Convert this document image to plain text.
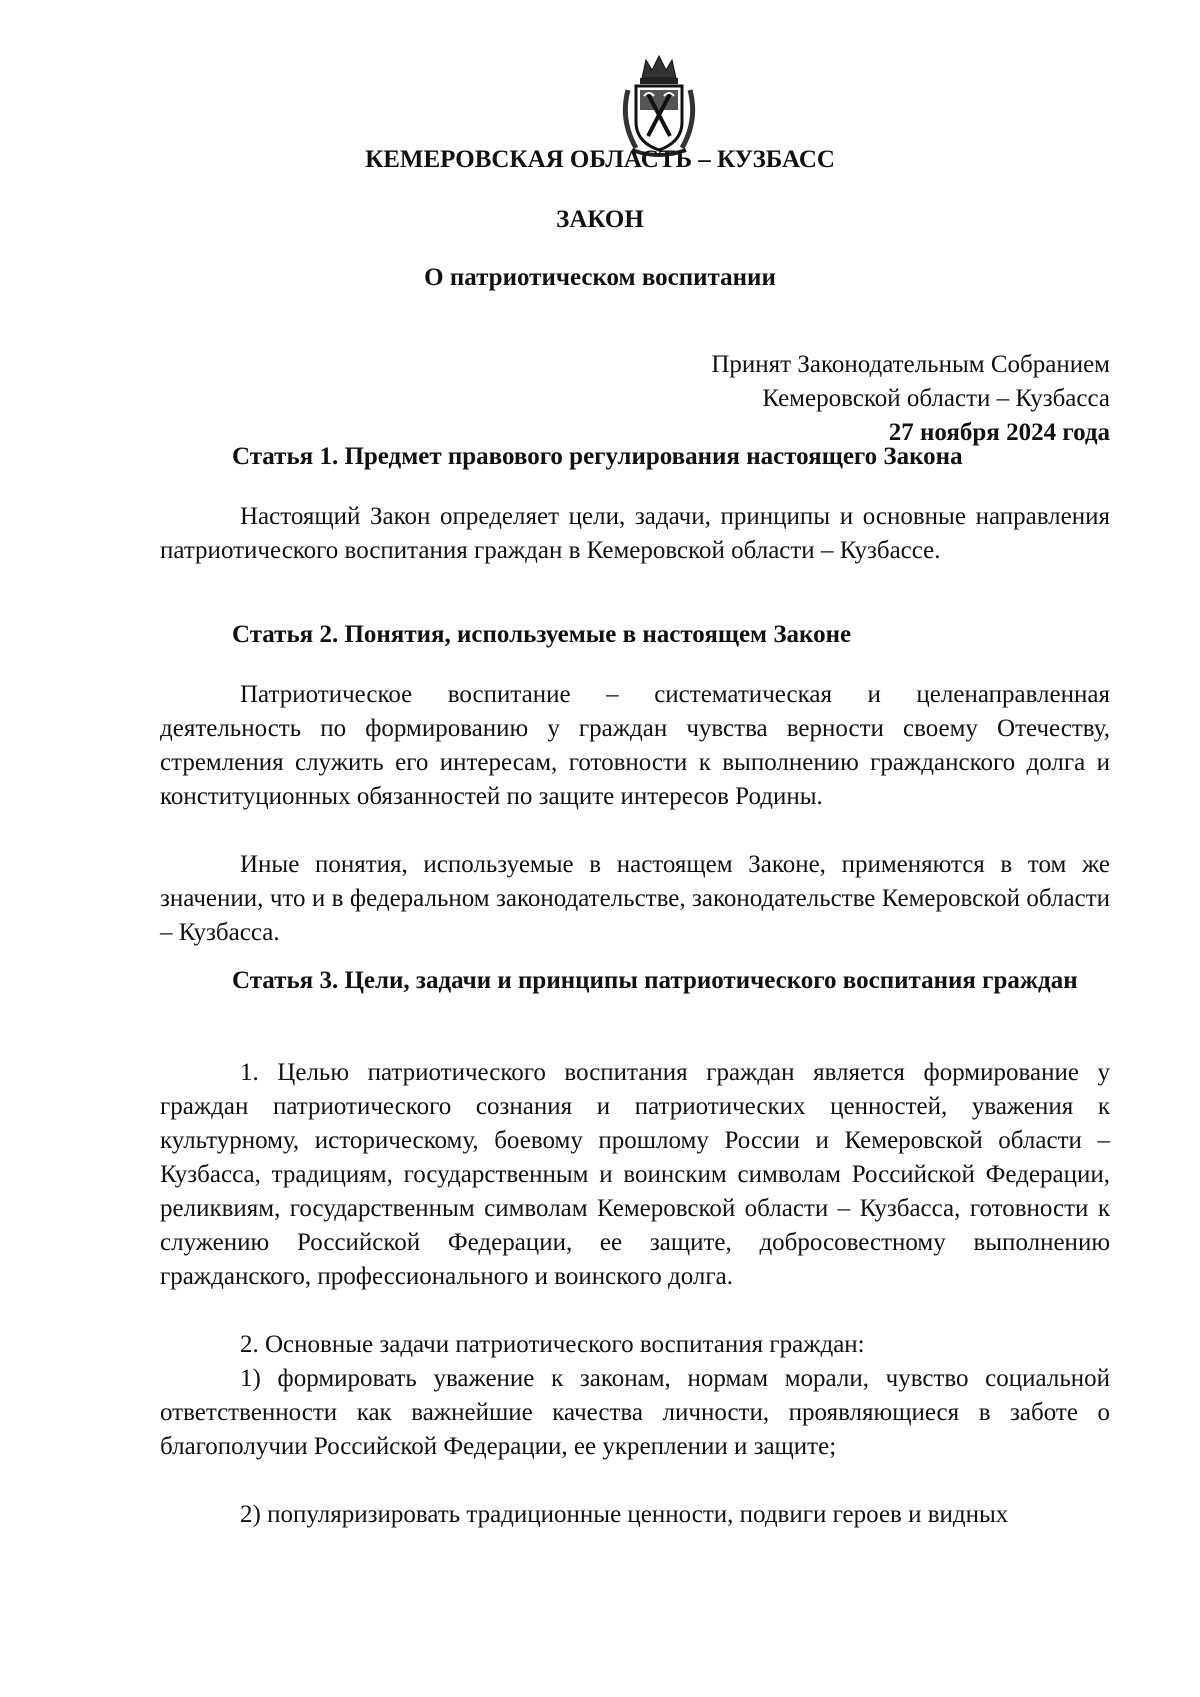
КЕМЕРОВСКАЯ ОБЛАСТЬ – КУЗБАСС
ЗАКОН
О патриотическом воспитании
Принят Законодательным Собранием
Кемеровской области – Кузбасса
27 ноября 2024 года
Статья 1. Предмет правового регулирования настоящего Закона
Настоящий Закон определяет цели, задачи, принципы и основные направления патриотического воспитания граждан в Кемеровской области – Кузбассе.
Статья 2. Понятия, используемые в настоящем Законе
Патриотическое воспитание – систематическая и целенаправленная деятельность по формированию у граждан чувства верности своему Отечеству, стремления служить его интересам, готовности к выполнению гражданского долга и конституционных обязанностей по защите интересов Родины.
Иные понятия, используемые в настоящем Законе, применяются в том же значении, что и в федеральном законодательстве, законодательстве Кемеровской области – Кузбасса.
Статья 3. Цели, задачи и принципы патриотического воспитания граждан
1. Целью патриотического воспитания граждан является формирование у граждан патриотического сознания и патриотических ценностей, уважения к культурному, историческому, боевому прошлому России и Кемеровской области – Кузбасса, традициям, государственным и воинским символам Российской Федерации, реликвиям, государственным символам Кемеровской области – Кузбасса, готовности к служению Российской Федерации, ее защите, добросовестному выполнению гражданского, профессионального и воинского долга.
2. Основные задачи патриотического воспитания граждан:
1) формировать уважение к законам, нормам морали, чувство социальной ответственности как важнейшие качества личности, проявляющиеся в заботе о благополучии Российской Федерации, ее укреплении и защите;
2) популяризировать традиционные ценности, подвиги героев и видных
